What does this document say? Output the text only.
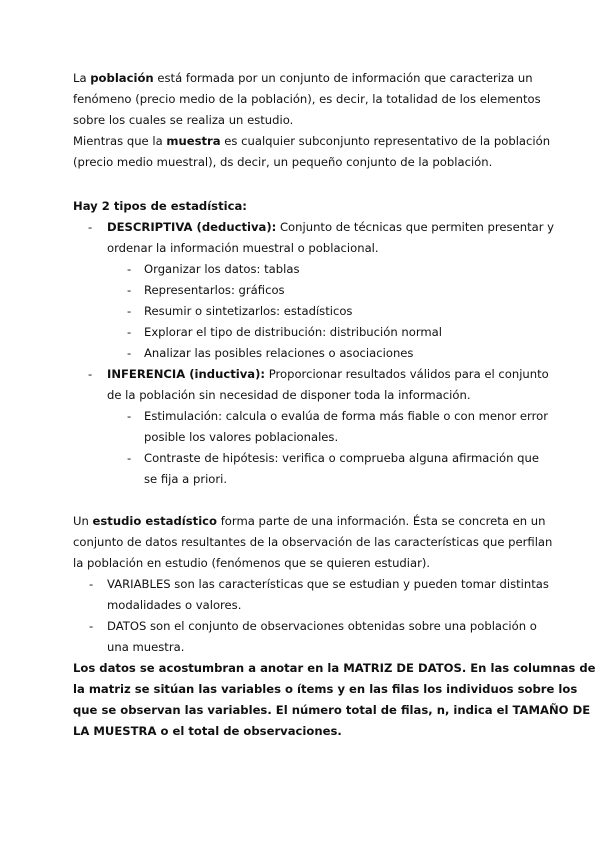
La población está formada por un conjunto de información que caracteriza un
fenómeno (precio medio de la población), es decir, la totalidad de los elementos
sobre los cuales se realiza un estudio.
Mientras que la muestra es cualquier subconjunto representativo de la población
(precio medio muestral), ds decir, un pequeño conjunto de la población.
Hay 2 tipos de estadística:
- DESCRIPTIVA (deductiva): Conjunto de técnicas que permiten presentar y
ordenar la información muestral o poblacional.
- Organizar los datos: tablas
- Representarlos: gráficos
- Resumir o sintetizarlos: estadísticos
- Explorar el tipo de distribución: distribución normal
- Analizar las posibles relaciones o asociaciones
- INFERENCIA (inductiva): Proporcionar resultados válidos para el conjunto
de la población sin necesidad de disponer toda la información.
- Estimulación: calcula o evalúa de forma más fiable o con menor error
posible los valores poblacionales.
- Contraste de hipótesis: verifica o comprueba alguna afirmación que
se fija a priori.
Un estudio estadístico forma parte de una información. Ésta se concreta en un
conjunto de datos resultantes de la observación de las características que perfilan
la población en estudio (fenómenos que se quieren estudiar).
- VARIABLES son las características que se estudian y pueden tomar distintas
modalidades o valores.
- DATOS son el conjunto de observaciones obtenidas sobre una población o
una muestra.
Los datos se acostumbran a anotar en la MATRIZ DE DATOS. En las columnas de
la matriz se sitúan las variables o ítems y en las filas los individuos sobre los
que se observan las variables. El número total de filas, n, indica el TAMAÑO DE
LA MUESTRA o el total de observaciones.
